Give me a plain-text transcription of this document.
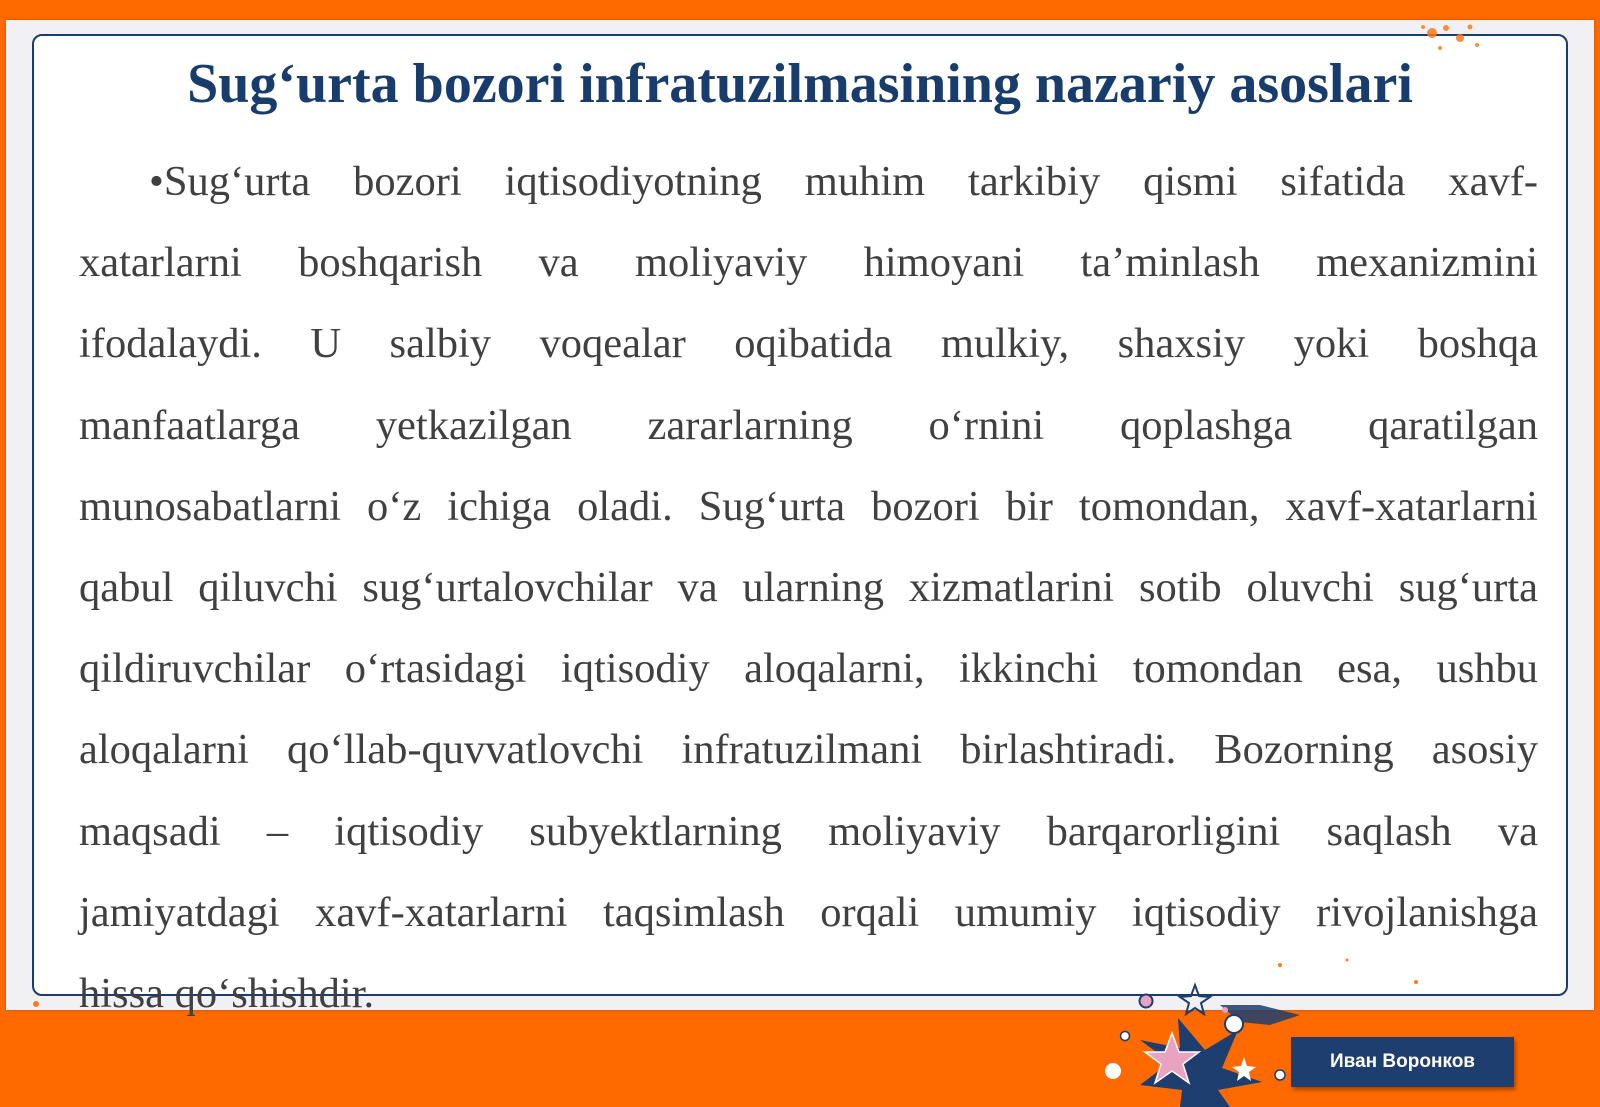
Sug‘urta bozori infratuzilmasining nazariy asoslari
•Sug‘urta bozori iqtisodiyotning muhim tarkibiy qismi sifatida xavf-
xatarlarni boshqarish va moliyaviy himoyani ta’minlash mexanizmini
ifodalaydi. U salbiy voqealar oqibatida mulkiy, shaxsiy yoki boshqa
manfaatlarga yetkazilgan zararlarning o‘rnini qoplashga qaratilgan
munosabatlarni o‘z ichiga oladi. Sug‘urta bozori bir tomondan, xavf-xatarlarni
qabul qiluvchi sug‘urtalovchilar va ularning xizmatlarini sotib oluvchi sug‘urta
qildiruvchilar o‘rtasidagi iqtisodiy aloqalarni, ikkinchi tomondan esa, ushbu
aloqalarni qo‘llab-quvvatlovchi infratuzilmani birlashtiradi. Bozorning asosiy
maqsadi – iqtisodiy subyektlarning moliyaviy barqarorligini saqlash va
jamiyatdagi xavf-xatarlarni taqsimlash orqali umumiy iqtisodiy rivojlanishga
hissa qo‘shishdir.
Иван Воронков
